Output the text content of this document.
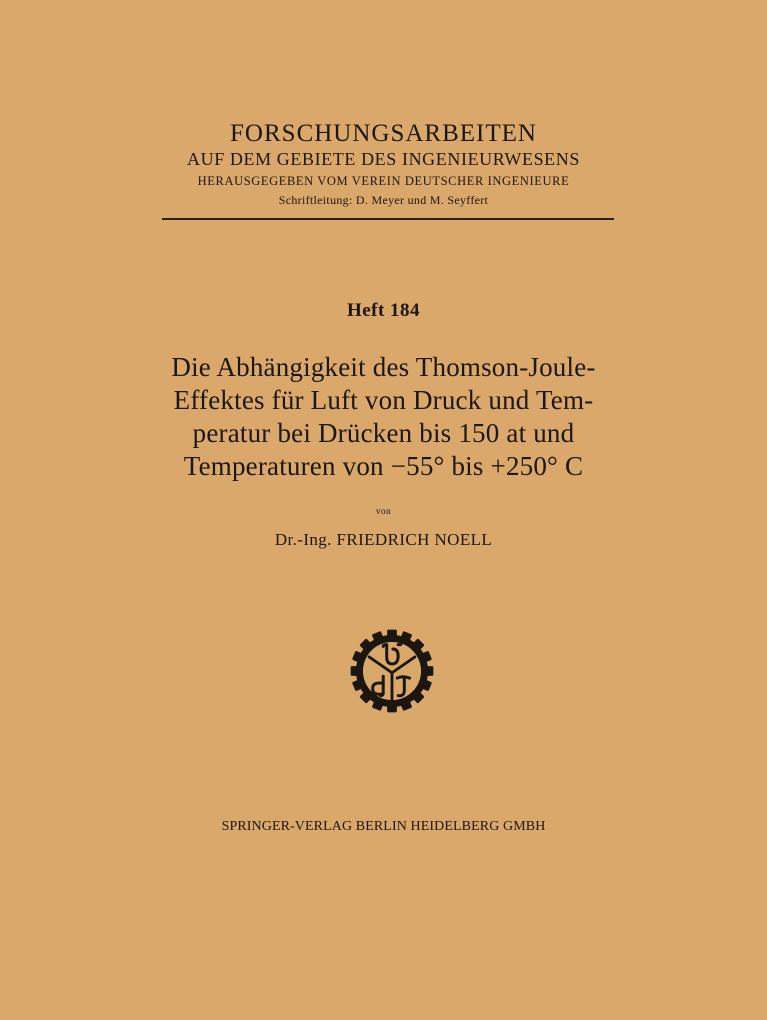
FORSCHUNGSARBEITEN
AUF DEM GEBIETE DES INGENIEURWESENS
HERAUSGEGEBEN VOM VEREIN DEUTSCHER INGENIEURE
Schriftleitung: D. Meyer und M. Seyffert
Heft 184
Die Abhängigkeit des Thomson-Joule-
Effektes für Luft von Druck und Tem-
peratur bei Drücken bis 150 at und
Temperaturen von −55° bis +250° C
von
Dr.-Ing. FRIEDRICH NOELL
SPRINGER-VERLAG BERLIN HEIDELBERG GMBH
